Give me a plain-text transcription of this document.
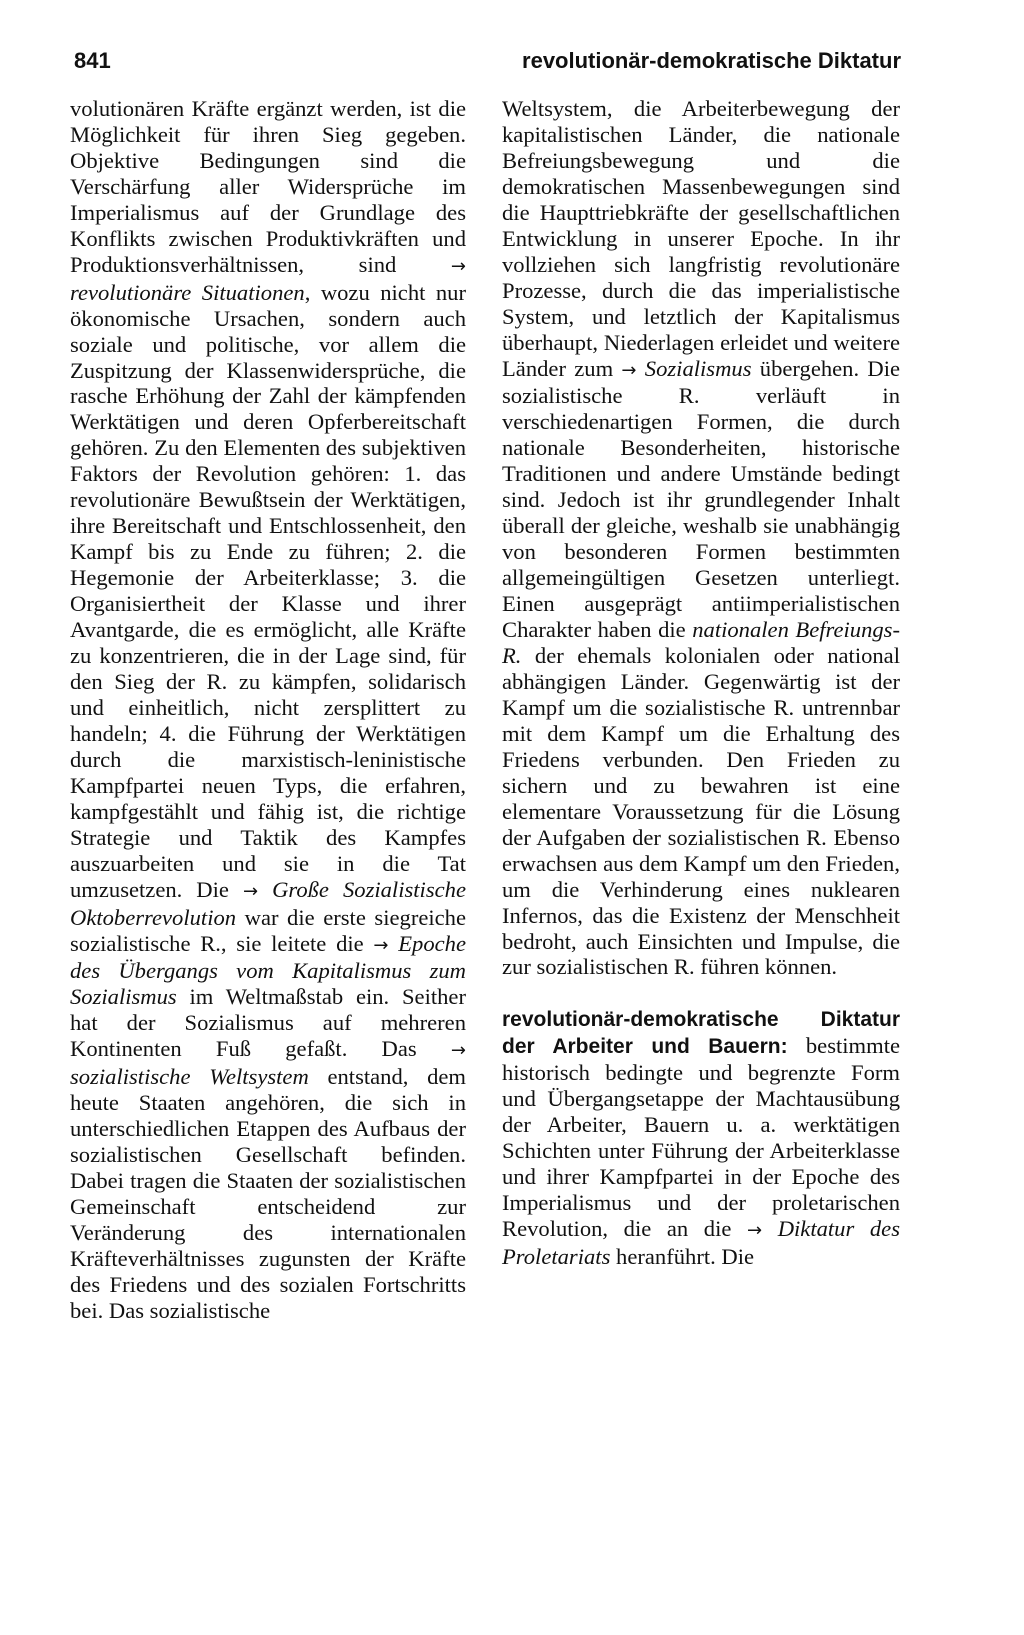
841	revolutionär-demokratische Diktatur

volutionären Kräfte ergänzt werden, ist die Möglichkeit für ihren Sieg gegeben. Objektive Bedingungen sind die Verschärfung aller Widersprüche im Imperialismus auf der Grundlage des Konflikts zwischen Produktivkräften und Produktionsverhältnissen, sind → revolutionäre Situationen, wozu nicht nur ökonomische Ursachen, sondern auch soziale und politische, vor allem die Zuspitzung der Klassenwidersprüche, die rasche Erhöhung der Zahl der kämpfenden Werktätigen und deren Opferbereitschaft gehören. Zu den Elementen des subjektiven Faktors der Revolution gehören: 1. das revolutionäre Bewußtsein der Werktätigen, ihre Bereitschaft und Entschlossenheit, den Kampf bis zu Ende zu führen; 2. die Hegemonie der Arbeiterklasse; 3. die Organisiertheit der Klasse und ihrer Avantgarde, die es ermöglicht, alle Kräfte zu konzentrieren, die in der Lage sind, für den Sieg der R. zu kämpfen, solidarisch und einheitlich, nicht zersplittert zu handeln; 4. die Führung der Werktätigen durch die marxistisch-leninistische Kampfpartei neuen Typs, die erfahren, kampfgestählt und fähig ist, die richtige Strategie und Taktik des Kampfes auszuarbeiten und sie in die Tat umzusetzen. Die → Große Sozialistische Oktoberrevolution war die erste siegreiche sozialistische R., sie leitete die → Epoche des Übergangs vom Kapitalismus zum Sozialismus im Weltmaßstab ein. Seither hat der Sozialismus auf mehreren Kontinenten Fuß gefaßt. Das → sozialistische Weltsystem entstand, dem heute Staaten angehören, die sich in unterschiedlichen Etappen des Aufbaus der sozialistischen Gesellschaft befinden. Dabei tragen die Staaten der sozialistischen Gemeinschaft entscheidend zur Veränderung des internationalen Kräfteverhältnisses zugunsten der Kräfte des Friedens und des sozialen Fortschritts bei. Das sozialistische

Weltsystem, die Arbeiterbewegung der kapitalistischen Länder, die nationale Befreiungsbewegung und die demokratischen Massenbewegungen sind die Haupttriebkräfte der gesellschaftlichen Entwicklung in unserer Epoche. In ihr vollziehen sich langfristig revolutionäre Prozesse, durch die das imperialistische System, und letztlich der Kapitalismus überhaupt, Niederlagen erleidet und weitere Länder zum → Sozialismus übergehen. Die sozialistische R. verläuft in verschiedenartigen Formen, die durch nationale Besonderheiten, historische Traditionen und andere Umstände bedingt sind. Jedoch ist ihr grundlegender Inhalt überall der gleiche, weshalb sie unabhängig von besonderen Formen bestimmten allgemeingültigen Gesetzen unterliegt. Einen ausgeprägt antiimperialistischen Charakter haben die nationalen Befreiungs-R. der ehemals kolonialen oder national abhängigen Länder. Gegenwärtig ist der Kampf um die sozialistische R. untrennbar mit dem Kampf um die Erhaltung des Friedens verbunden. Den Frieden zu sichern und zu bewahren ist eine elementare Voraussetzung für die Lösung der Aufgaben der sozialistischen R. Ebenso erwachsen aus dem Kampf um den Frieden, um die Verhinderung eines nuklearen Infernos, das die Existenz der Menschheit bedroht, auch Einsichten und Impulse, die zur sozialistischen R. führen können.

revolutionär-demokratische Diktatur der Arbeiter und Bauern: bestimmte historisch bedingte und begrenzte Form und Übergangsetappe der Machtausübung der Arbeiter, Bauern u. a. werktätigen Schichten unter Führung der Arbeiterklasse und ihrer Kampfpartei in der Epoche des Imperialismus und der proletarischen Revolution, die an die → Diktatur des Proletariats heranführt. Die
